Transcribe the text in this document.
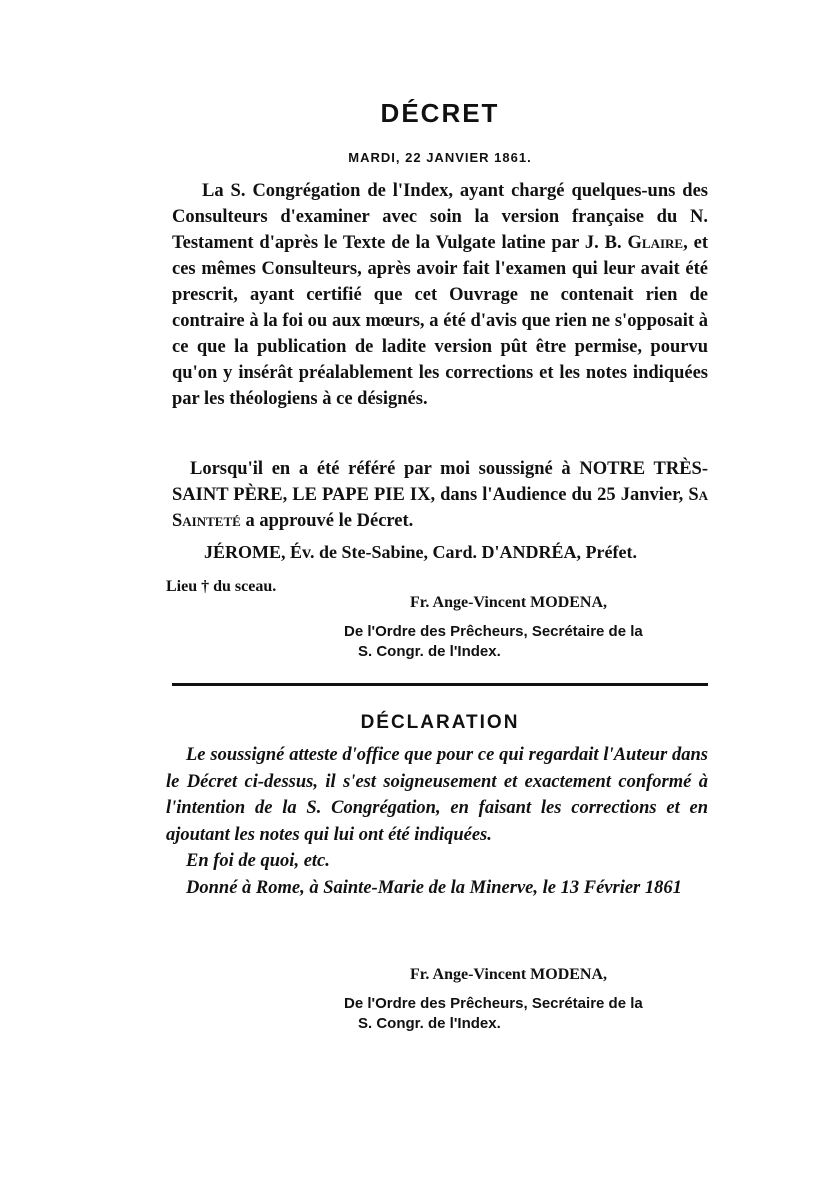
DÉCRET
MARDI, 22 JANVIER 1861.
La S. Congrégation de l'Index, ayant chargé quelques-uns des Consulteurs d'examiner avec soin la version française du N. Testament d'après le Texte de la Vulgate latine par J. B. Glaire, et ces mêmes Consulteurs, après avoir fait l'examen qui leur avait été prescrit, ayant certifié que cet Ouvrage ne contenait rien de contraire à la foi ou aux mœurs, a été d'avis que rien ne s'opposait à ce que la publication de ladite version pût être permise, pourvu qu'on y insérât préalablement les corrections et les notes indiquées par les théologiens à ce désignés.
Lorsqu'il en a été référé par moi soussigné à NOTRE TRÈS-SAINT PÈRE, LE PAPE PIE IX, dans l'Audience du 25 Janvier, Sa Sainteté a approuvé le Décret.
JÉROME, Év. de Ste-Sabine, Card. D'ANDRÉA, Préfet.
Lieu † du sceau.
Fr. Ange-Vincent MODENA,
De l'Ordre des Prêcheurs, Secrétaire de la
S. Congr. de l'Index.
DÉCLARATION

Le soussigné atteste d'office que pour ce qui regardait l'Auteur dans le Décret ci-dessus, il s'est soigneusement et exactement conformé à l'intention de la S. Congrégation, en faisant les corrections et en ajoutant les notes qui lui ont été indiquées.

En foi de quoi, etc.

Donné à Rome, à Sainte-Marie de la Minerve, le 13 Février 1861

Fr. Ange-Vincent MODENA,
De l'Ordre des Prêcheurs, Secrétaire de la
S. Congr. de l'Index.
